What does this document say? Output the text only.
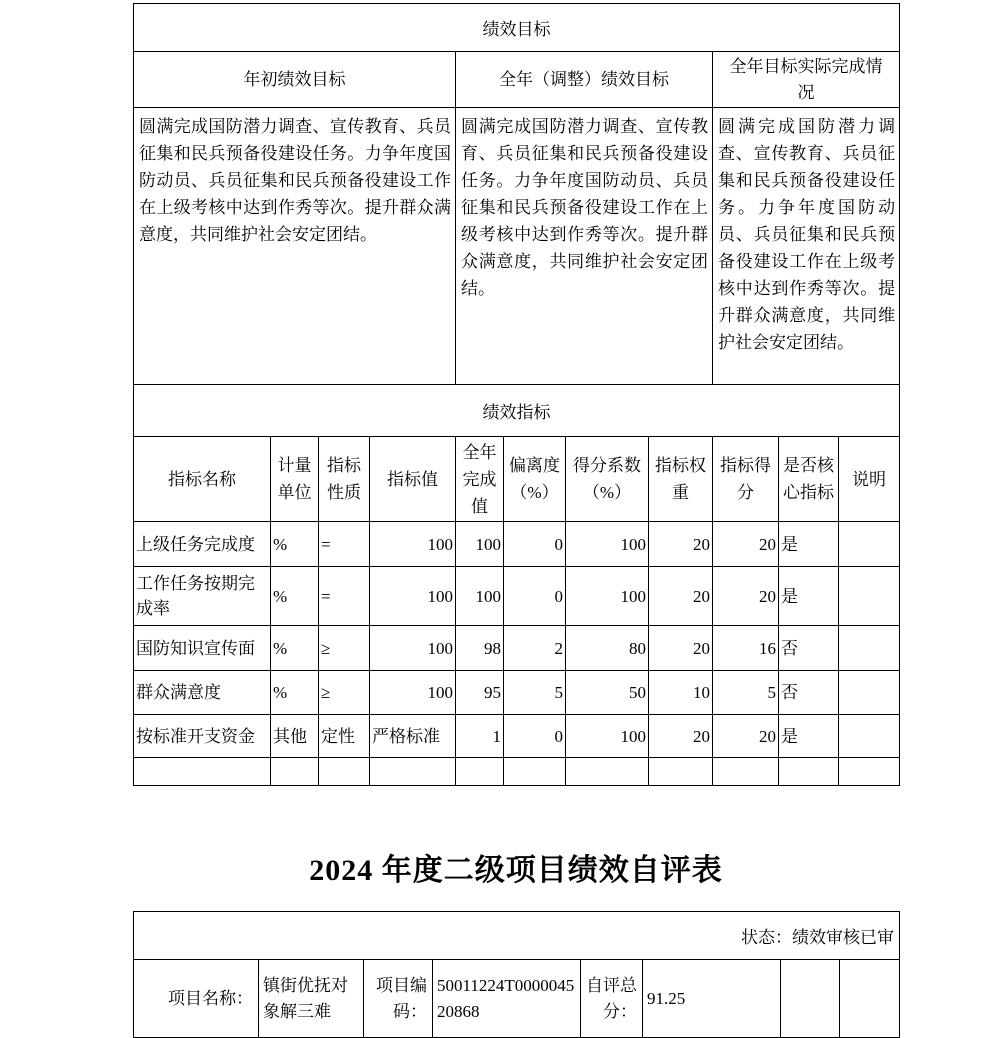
绩效目标										
年初绩效目标				全年（调整）绩效目标				全年目标实际完成情况		
圆满完成国防潜力调查、宣传教育、兵员征集和民兵预备役建设任务。力争年度国防动员、兵员征集和民兵预备役建设工作在上级考核中达到作秀等次。提升群众满意度，共同维护社会安定团结。				圆满完成国防潜力调查、宣传教育、兵员征集和民兵预备役建设任务。力争年度国防动员、兵员征集和民兵预备役建设工作在上级考核中达到作秀等次。提升群众满意度，共同维护社会安定团结。				圆满完成国防潜力调查、宣传教育、兵员征集和民兵预备役建设任务。力争年度国防动员、兵员征集和民兵预备役建设工作在上级考核中达到作秀等次。提升群众满意度，共同维护社会安定团结。		
绩效指标										
指标名称	计量单位	指标性质	指标值	全年完成值	偏离度（%）	得分系数（%）	指标权重	指标得分	是否核心指标	说明
上级任务完成度	%	=	100	100	0	100	20	20	是	
工作任务按期完成率	%	=	100	100	0	100	20	20	是	
国防知识宣传面	%	≥	100	98	2	80	20	16	否	
群众满意度	%	≥	100	95	5	50	10	5	否	
按标准开支资金	其他	定性	严格标准	1	0	100	20	20	是	

2024 年度二级项目绩效自评表
状态：绩效审核已审
项目名称：	镇街优抚对象解三难	项目编码：	50011224T000004520868	自评总分：	91.25		
